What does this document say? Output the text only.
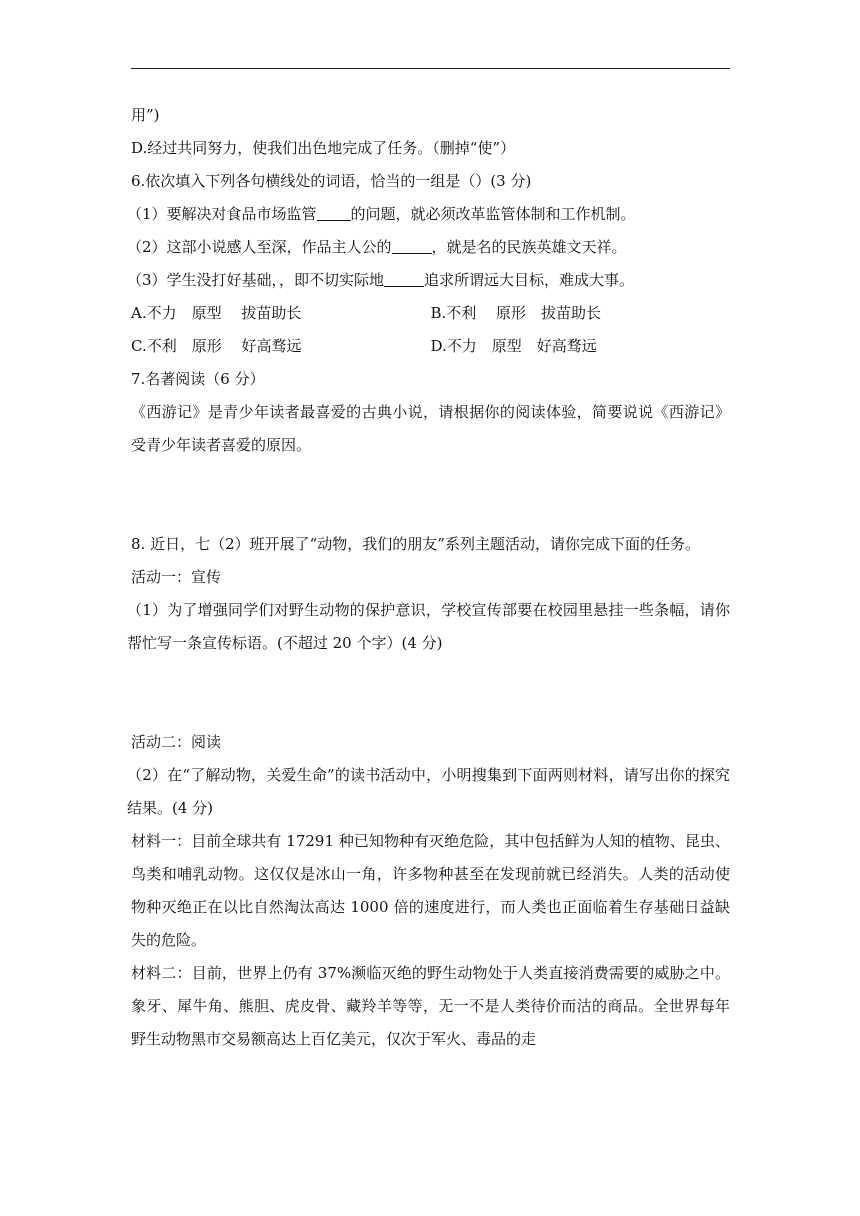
用”)
D.经过共同努力，使我们出色地完成了任务。（删掉“使”）
6.依次填入下列各句横线处的词语，恰当的一组是（）(3 分)
（1）要解决对食品市场监管 的问题，就必须改革监管体制和工作机制。
（2）这部小说感人至深，作品主人公的	，就是名的民族英雄文天祥。
（3）学生没打好基础，，即不切实际地	追求所谓远大目标，难成大事。
A.不力　原型　 拔苗助长	B.不利　 原形　拔苗助长
C.不利　原形　 好高骛远	D.不力　原型　好高骛远
7.名著阅读（6 分）
《西游记》是青少年读者最喜爱的古典小说，请根据你的阅读体验，简要说说《西游记》受青少年读者喜爱的原因。
8. 近日，七（2）班开展了“动物，我们的朋友”系列主题活动，请你完成下面的任务。
活动一：宣传
（1）为了增强同学们对野生动物的保护意识，学校宣传部要在校园里悬挂一些条幅，请你帮忙写一条宣传标语。(不超过 20 个字）(4 分)
活动二：阅读
（2）在“了解动物，关爱生命”的读书活动中，小明搜集到下面两则材料，请写出你的探究结果。(4 分)
材料一：目前全球共有 17291 种已知物种有灭绝危险，其中包括鲜为人知的植物、昆虫、鸟类和哺乳动物。这仅仅是冰山一角，许多物种甚至在发现前就已经消失。人类的活动使物种灭绝正在以比自然淘汰高达 1000 倍的速度进行，而人类也正面临着生存基础日益缺失的危险。
材料二：目前，世界上仍有 37%濒临灭绝的野生动物处于人类直接消费需要的威胁之中。象牙、犀牛角、熊胆、虎皮骨、藏羚羊等等，无一不是人类待价而沽的商品。全世界每年野生动物黑市交易额高达上百亿美元，仅次于军火、毒品的走
